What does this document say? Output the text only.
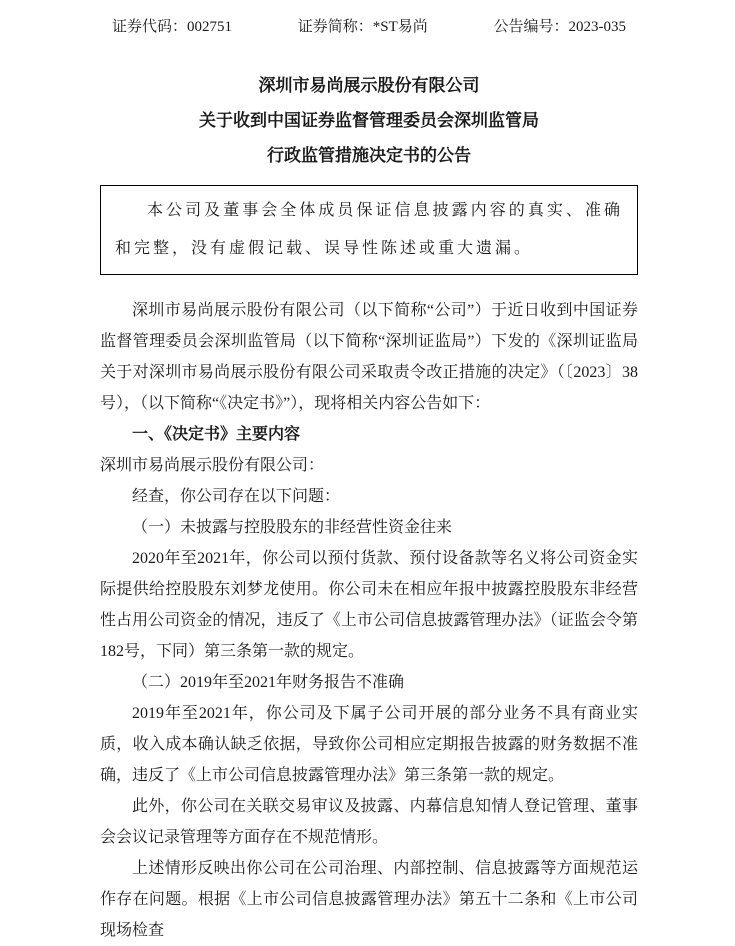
证券代码：002751	证券简称：*ST易尚	公告编号：2023-035
深圳市易尚展示股份有限公司
关于收到中国证券监督管理委员会深圳监管局
行政监管措施决定书的公告

本公司及董事会全体成员保证信息披露内容的真实、准确和完整，没有虚假记载、误导性陈述或重大遗漏。

深圳市易尚展示股份有限公司（以下简称“公司”）于近日收到中国证券监督管理委员会深圳监管局（以下简称“深圳证监局”）下发的《深圳证监局关于对深圳市易尚展示股份有限公司采取责令改正措施的决定》（〔2023〕38号），（以下简称“《决定书》”），现将相关内容公告如下：

一、《决定书》主要内容

深圳市易尚展示股份有限公司：

经查，你公司存在以下问题：

（一）未披露与控股股东的非经营性资金往来

2020年至2021年，你公司以预付货款、预付设备款等名义将公司资金实际提供给控股股东刘梦龙使用。你公司未在相应年报中披露控股股东非经营性占用公司资金的情况，违反了《上市公司信息披露管理办法》（证监会令第182号，下同）第三条第一款的规定。

（二）2019年至2021年财务报告不准确

2019年至2021年，你公司及下属子公司开展的部分业务不具有商业实质，收入成本确认缺乏依据，导致你公司相应定期报告披露的财务数据不准确，违反了《上市公司信息披露管理办法》第三条第一款的规定。

此外，你公司在关联交易审议及披露、内幕信息知情人登记管理、董事会会议记录管理等方面存在不规范情形。

上述情形反映出你公司在公司治理、内部控制、信息披露等方面规范运作存在问题。根据《上市公司信息披露管理办法》第五十二条和《上市公司现场检查
